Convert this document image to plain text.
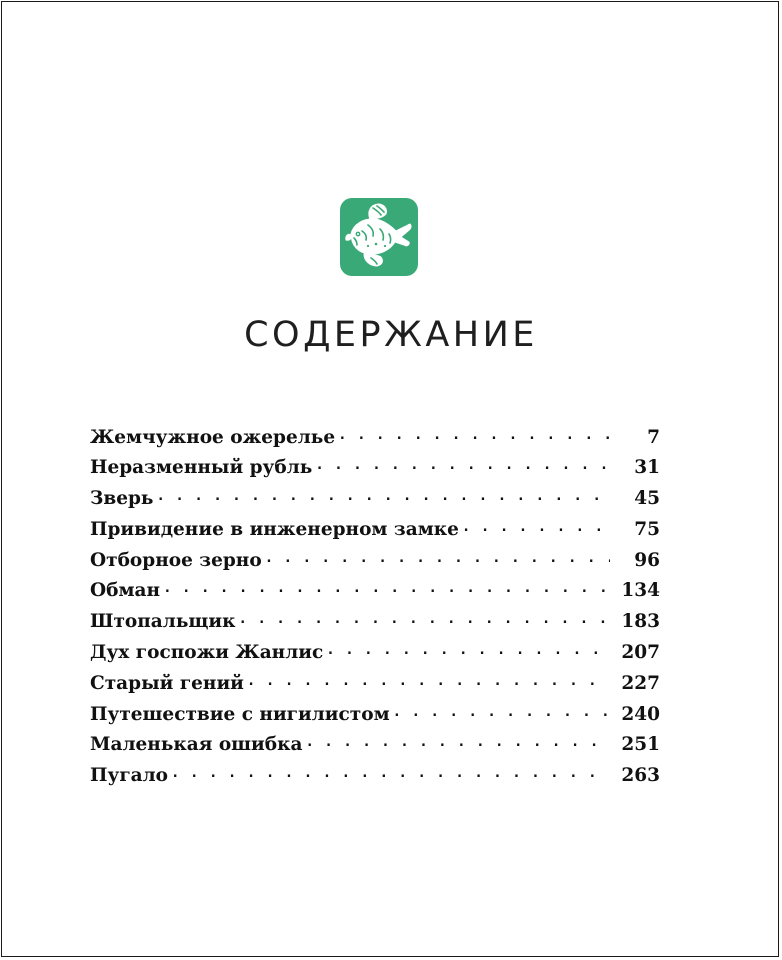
СОДЕРЖАНИЕ
Жемчужное ожерелье . . .	7
Неразменный рубль . . .	31
Зверь . . .	45
Привидение в инженерном замке . . .	75
Отборное зерно . . .	96
Обман . . .	134
Штопальщик . . .	183
Дух госпожи Жанлис . . .	207
Старый гений . . .	227
Путешествие с нигилистом . . .	240
Маленькая ошибка . . .	251
Пугало . . .	263
